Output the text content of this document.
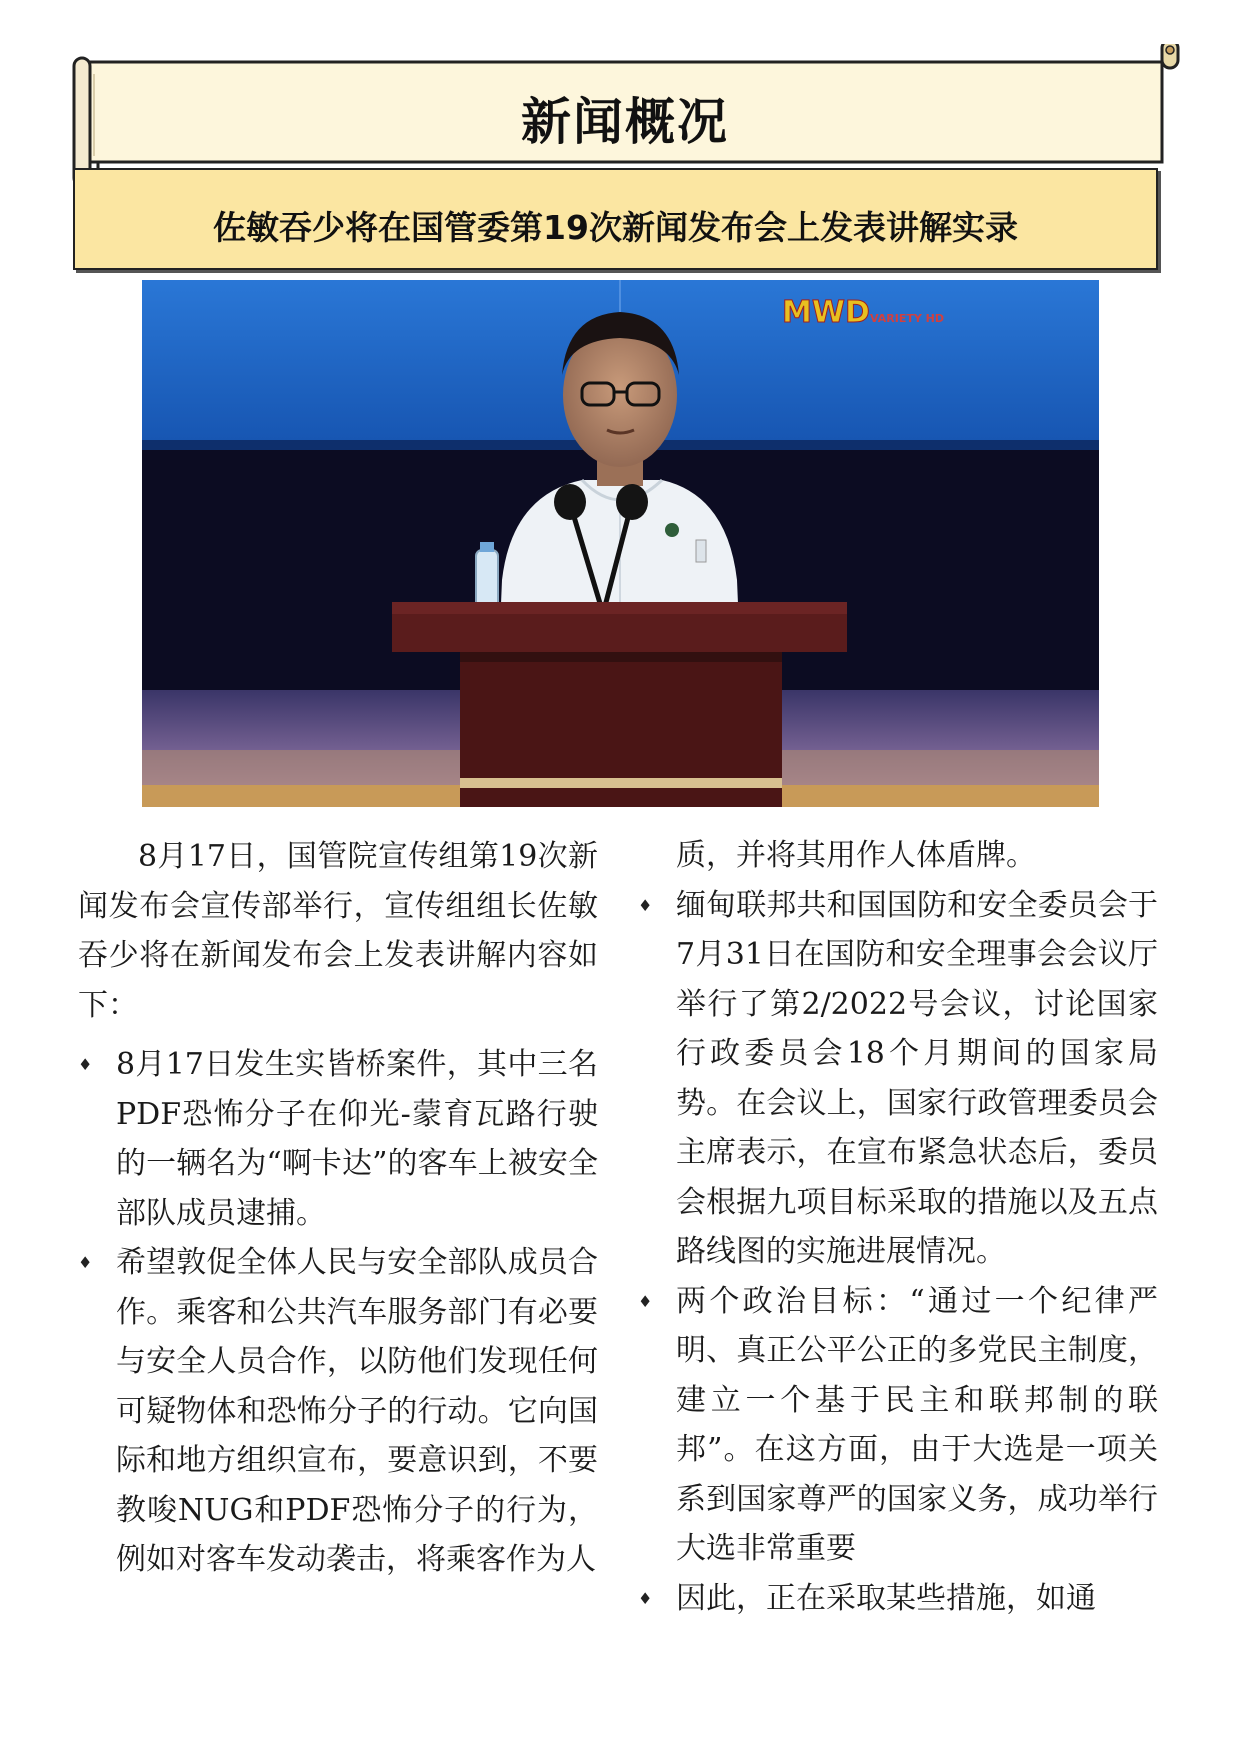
新闻概况
佐敏吞少将在国管委第19次新闻发布会上发表讲解实录
MWD VARIETY HD

8月17日，国管院宣传组第19次新闻发布会宣传部举行，宣传组组长佐敏吞少将在新闻发布会上发表讲解内容如下：

♦ 8月17日发生实皆桥案件，其中三名PDF恐怖分子在仰光-蒙育瓦路行驶的一辆名为“啊卡达”的客车上被安全部队成员逮捕。
♦ 希望敦促全体人民与安全部队成员合作。乘客和公共汽车服务部门有必要与安全人员合作，以防他们发现任何可疑物体和恐怖分子的行动。它向国际和地方组织宣布，要意识到，不要教唆NUG和PDF恐怖分子的行为，例如对客车发动袭击，将乘客作为人

质，并将其用作人体盾牌。

♦ 缅甸联邦共和国国防和安全委员会于7月31日在国防和安全理事会会议厅举行了第2/2022号会议，讨论国家行政委员会18个月期间的国家局势。在会议上，国家行政管理委员会主席表示，在宣布紧急状态后，委员会根据九项目标采取的措施以及五点路线图的实施进展情况。
♦ 两个政治目标：“通过一个纪律严明、真正公平公正的多党民主制度，建立一个基于民主和联邦制的联邦”。在这方面，由于大选是一项关系到国家尊严的国家义务，成功举行大选非常重要
♦ 因此，正在采取某些措施，如通
